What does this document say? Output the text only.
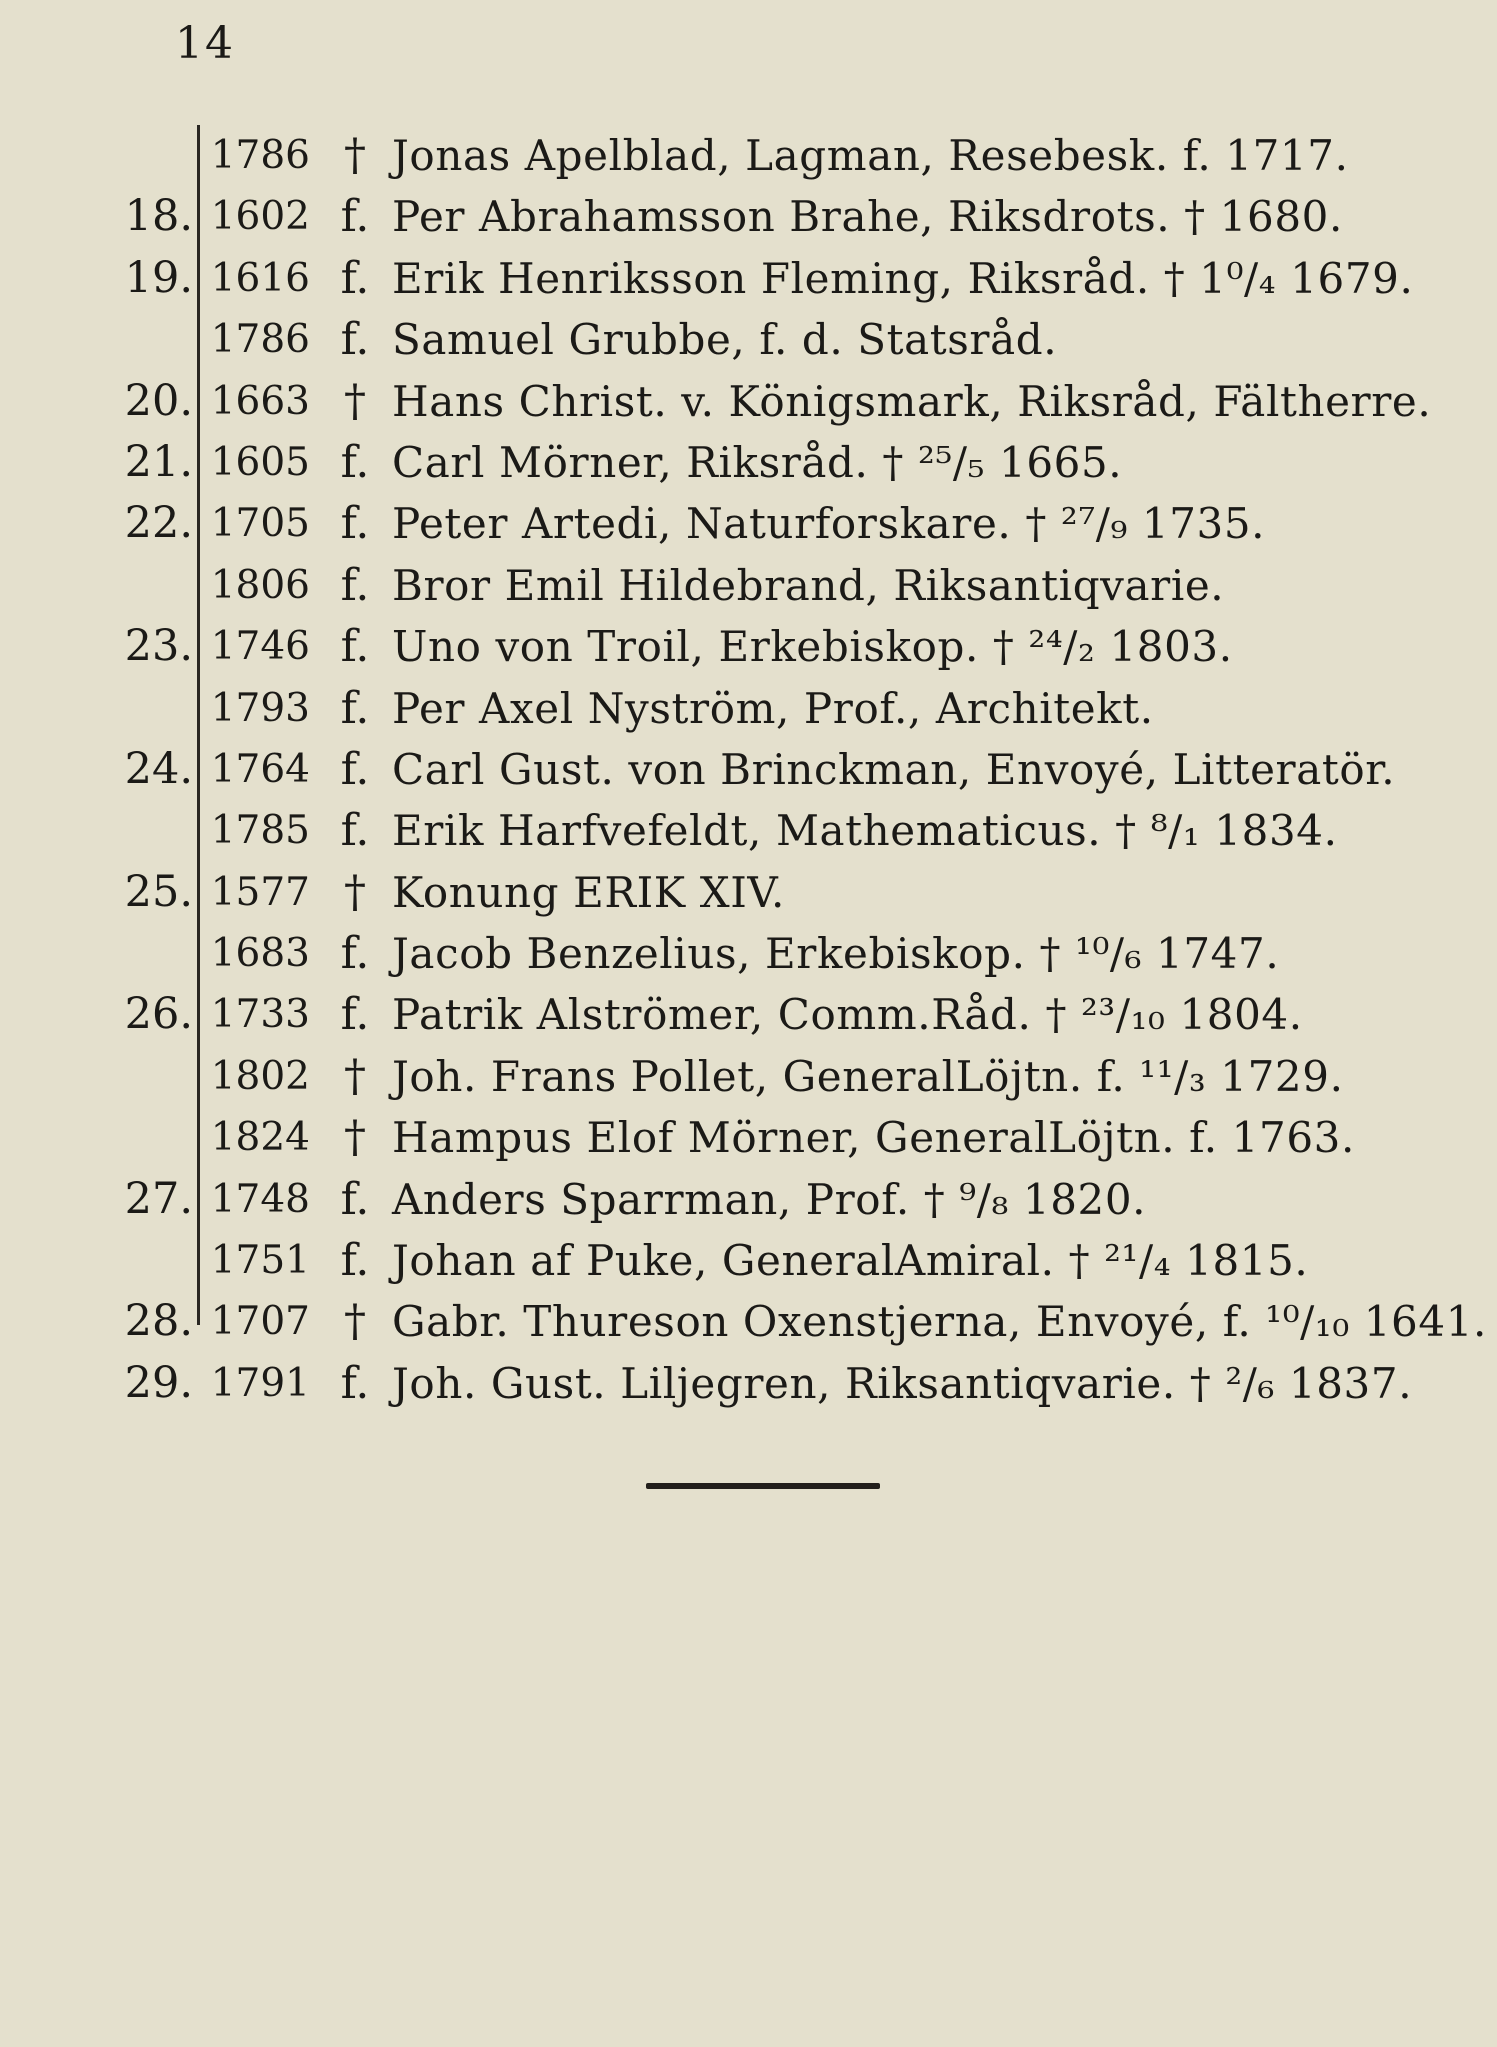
14
1786 † Jonas Apelblad, Lagman, Resebesk. f. 1717.
18. 1602 f. Per Abrahamsson Brahe, Riksdrots. † 1680.
19. 1616 f. Erik Henriksson Fleming, Riksråd. † 1⁰/₄ 1679.
1786 f. Samuel Grubbe, f. d. Statsråd.
20. 1663 † Hans Christ. v. Königsmark, Riksråd, Fältherre.
21. 1605 f. Carl Mörner, Riksråd. † ²⁵/₅ 1665.
22. 1705 f. Peter Artedi, Naturforskare. † ²⁷/₉ 1735.
1806 f. Bror Emil Hildebrand, Riksantiqvarie.
23. 1746 f. Uno von Troil, Erkebiskop. † ²⁴/₂ 1803.
1793 f. Per Axel Nyström, Prof., Architekt.
24. 1764 f. Carl Gust. von Brinckman, Envoyé, Litteratör.
1785 f. Erik Harfvefeldt, Mathematicus. † ⁸/₁ 1834.
25. 1577 † Konung ERIK XIV.
1683 f. Jacob Benzelius, Erkebiskop. † ¹⁰/₆ 1747.
26. 1733 f. Patrik Alströmer, Comm.Råd. † ²³/₁₀ 1804.
1802 † Joh. Frans Pollet, GeneralLöjtn. f. ¹¹/₃ 1729.
1824 † Hampus Elof Mörner, GeneralLöjtn. f. 1763.
27. 1748 f. Anders Sparrman, Prof. † ⁹/₈ 1820.
1751 f. Johan af Puke, GeneralAmiral. † ²¹/₄ 1815.
28. 1707 † Gabr. Thureson Oxenstjerna, Envoyé, f. ¹⁰/₁₀ 1641.
29. 1791 f. Joh. Gust. Liljegren, Riksantiqvarie. † ²/₆ 1837.
